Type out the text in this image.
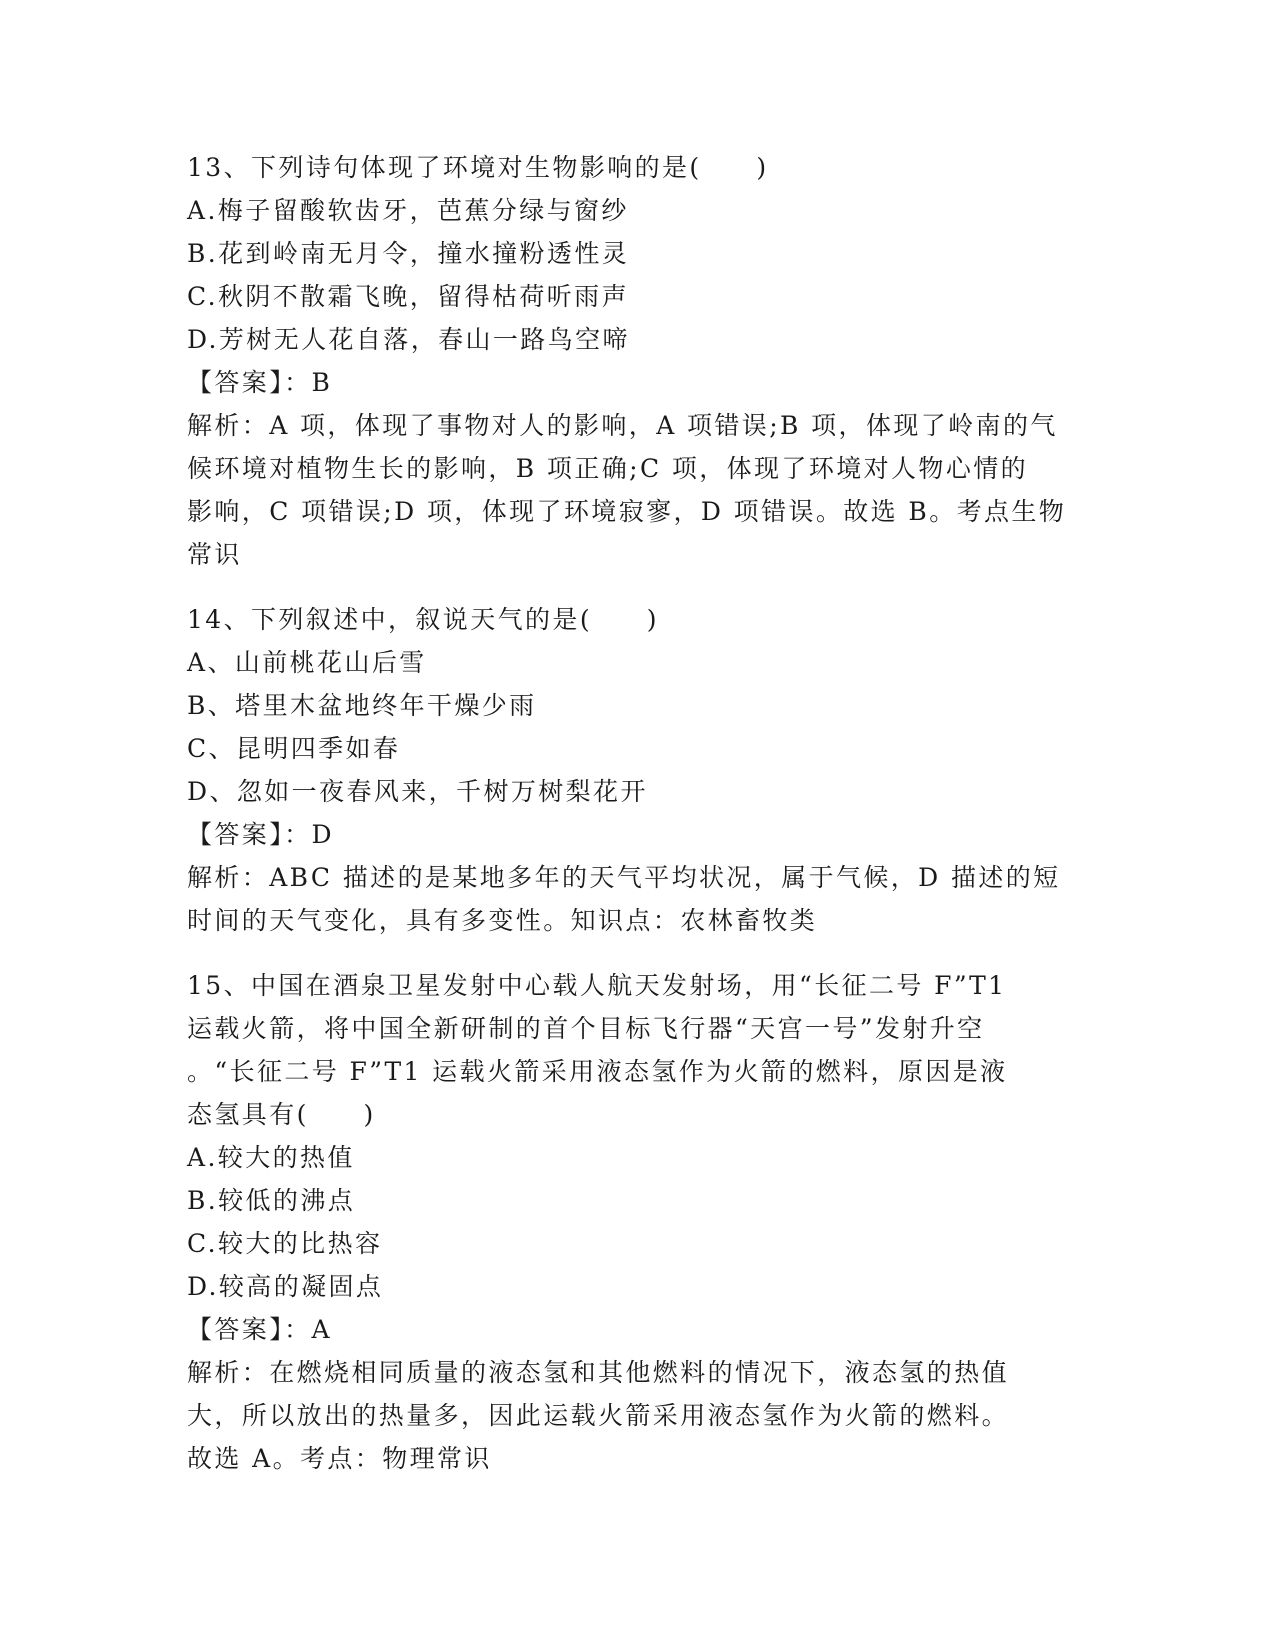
13、下列诗句体现了环境对生物影响的是(　　)
A.梅子留酸软齿牙，芭蕉分绿与窗纱
B.花到岭南无月令，撞水撞粉透性灵
C.秋阴不散霜飞晚，留得枯荷听雨声
D.芳树无人花自落，春山一路鸟空啼
【答案】：B
解析：A 项，体现了事物对人的影响，A 项错误;B 项，体现了岭南的气
候环境对植物生长的影响，B 项正确;C 项，体现了环境对人物心情的
影响，C 项错误;D 项，体现了环境寂寥，D 项错误。故选 B。考点生物
常识
14、下列叙述中，叙说天气的是(　　)
A、山前桃花山后雪
B、塔里木盆地终年干燥少雨
C、昆明四季如春
D、忽如一夜春风来，千树万树梨花开
【答案】：D
解析：ABC 描述的是某地多年的天气平均状况，属于气候，D 描述的短
时间的天气变化，具有多变性。知识点：农林畜牧类
15、中国在酒泉卫星发射中心载人航天发射场，用“长征二号 F”T1
运载火箭，将中国全新研制的首个目标飞行器“天宫一号”发射升空
。“长征二号 F”T1 运载火箭采用液态氢作为火箭的燃料，原因是液
态氢具有(　　)
A.较大的热值
B.较低的沸点
C.较大的比热容
D.较高的凝固点
【答案】：A
解析：在燃烧相同质量的液态氢和其他燃料的情况下，液态氢的热值
大，所以放出的热量多，因此运载火箭采用液态氢作为火箭的燃料。
故选 A。考点：物理常识
